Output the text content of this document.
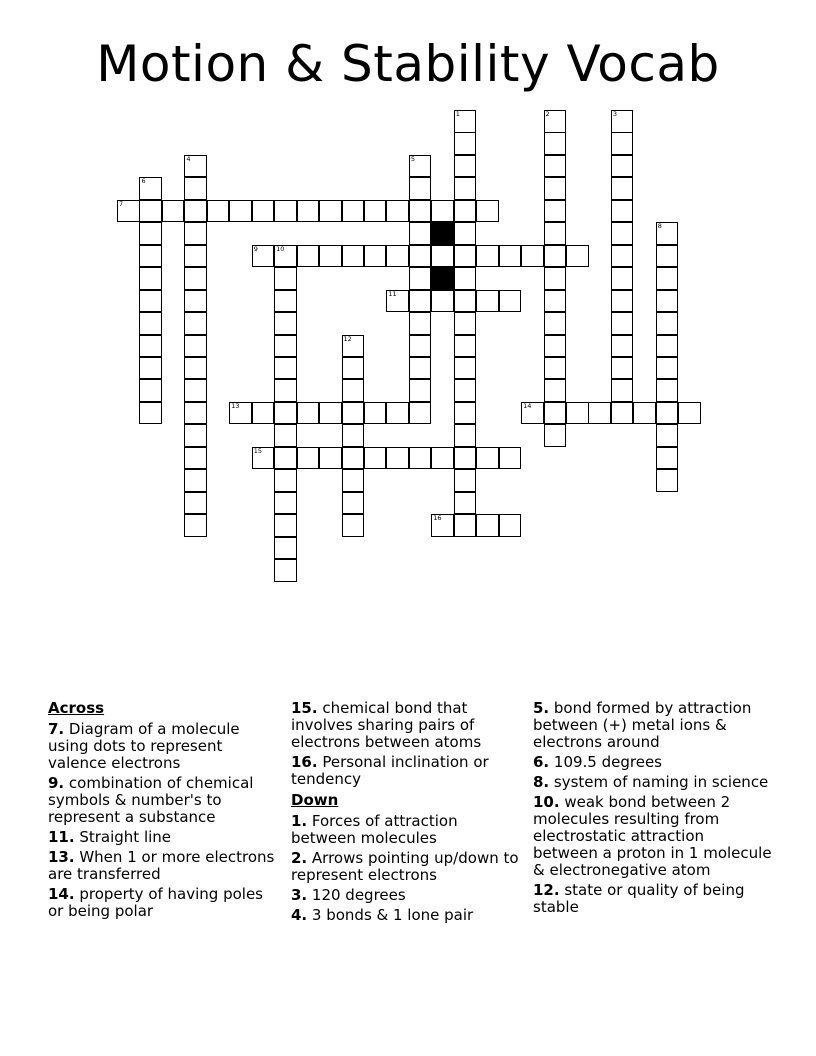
Motion & Stability Vocab
1	2	3
4	5
6
7
8
9	10
11
12
13	14
15
16
Across
7. Diagram of a molecule using dots to represent valence electrons
9. combination of chemical symbols & number's to represent a substance
11. Straight line
13. When 1 or more electrons are transferred
14. property of having poles or being polar
15. chemical bond that involves sharing pairs of electrons between atoms
16. Personal inclination or tendency
Down
1. Forces of attraction between molecules
2. Arrows pointing up/down to represent electrons
3. 120 degrees
4. 3 bonds & 1 lone pair
5. bond formed by attraction between (+) metal ions & electrons around
6. 109.5 degrees
8. system of naming in science
10. weak bond between 2 molecules resulting from electrostatic attraction between a proton in 1 molecule & electronegative atom
12. state or quality of being stable
